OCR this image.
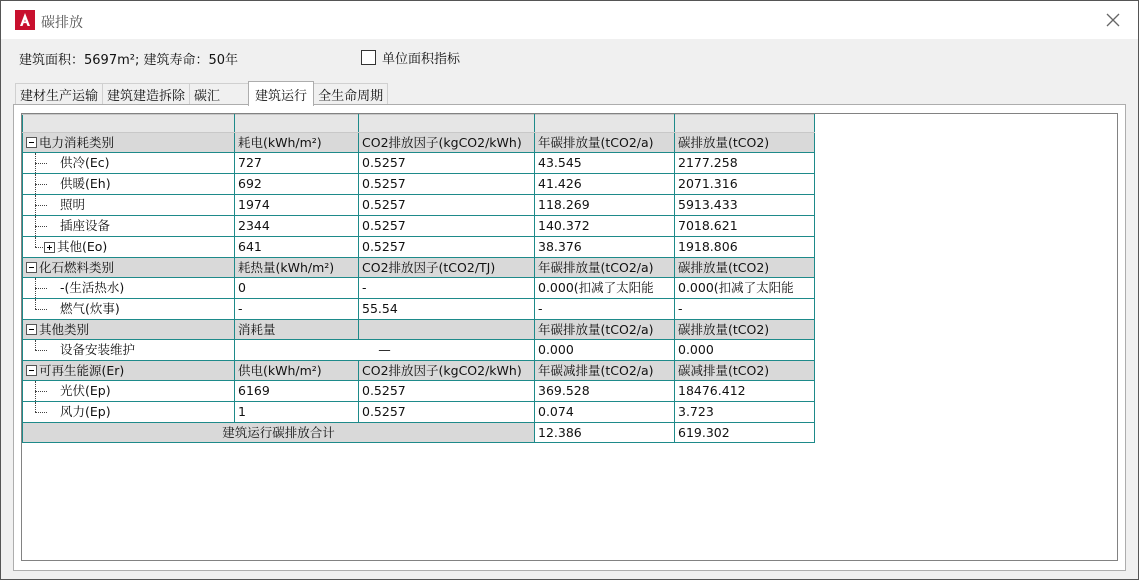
碳排放
建筑面积：5697m²; 建筑寿命：50年	单位面积指标
建材生产运输 建筑建造拆除 碳汇	建筑运行 全生命周期

电力消耗类别	耗电(kWh/m²)	CO2排放因子(kgCO2/kWh)	年碳排放量(tCO2/a)	碳排放量(tCO2)

供冷(Ec)	727	0.5257	43.545	2177.258

供暖(Eh)	692	0.5257	41.426	2071.316

照明	1974	0.5257	118.269	5913.433

插座设备	2344	0.5257	140.372	7018.621

其他(Eo)	641	0.5257	38.376	1918.806

化石燃料类别	耗热量(kWh/m²)	CO2排放因子(tCO2/TJ)	年碳排放量(tCO2/a)	碳排放量(tCO2)

-(生活热水)	0	-	0.000(扣减了太阳能	0.000(扣减了太阳能

燃气(炊事)	-	55.54	-	-

其他类别	消耗量		年碳排放量(tCO2/a)	碳排放量(tCO2)

设备安装维护	—		0.000	0.000

可再生能源(Er)	供电(kWh/m²)	CO2排放因子(kgCO2/kWh)	年碳减排量(tCO2/a)	碳减排量(tCO2)

光伏(Ep)	6169	0.5257	369.528	18476.412

风力(Ep)	1	0.5257	0.074	3.723
建筑运行碳排放合计			12.386	619.302
